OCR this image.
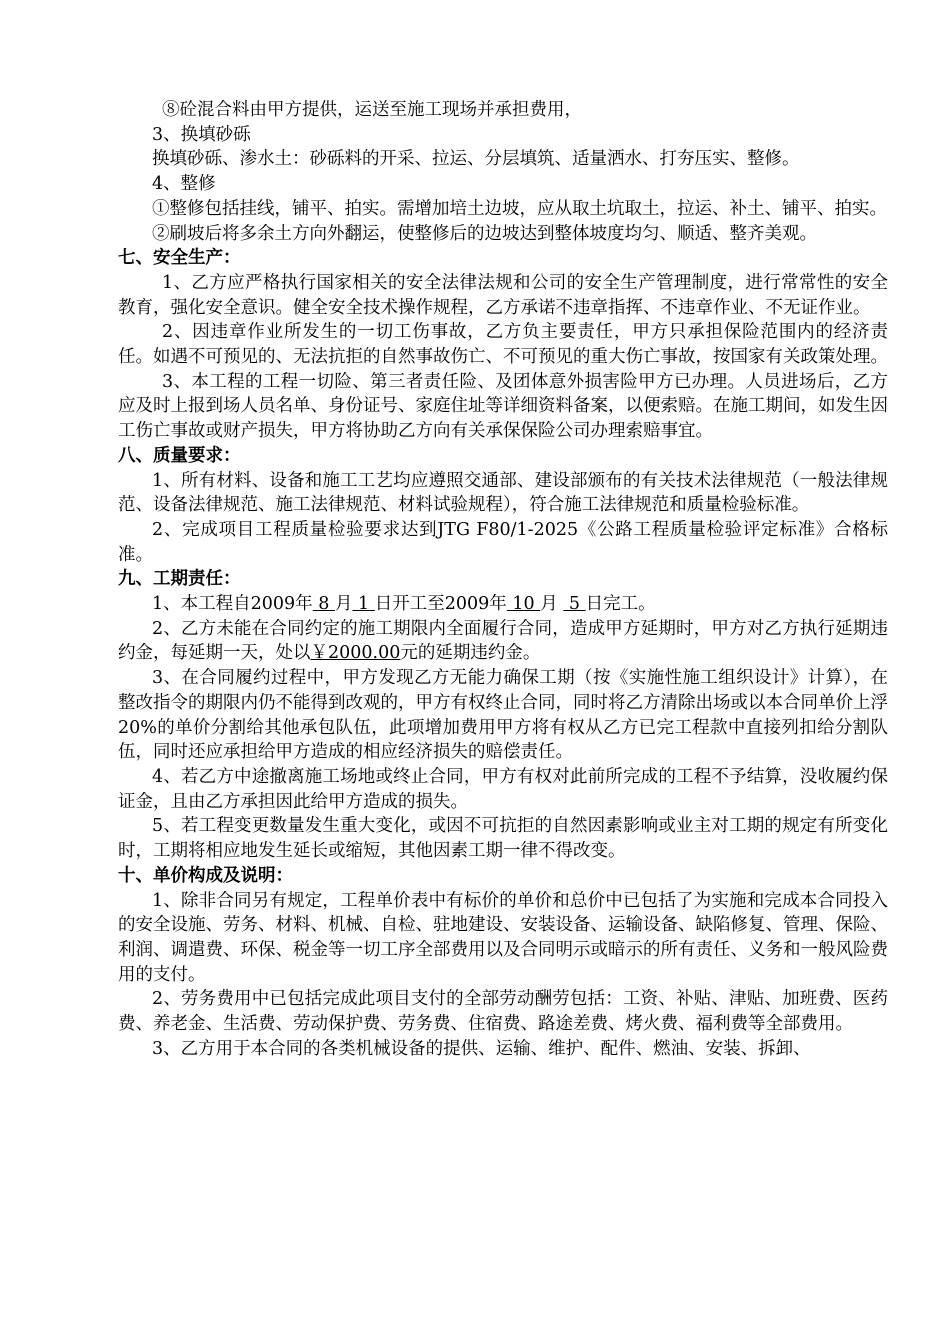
⑧砼混合料由甲方提供，运送至施工现场并承担费用，

3、换填砂砾

换填砂砾、渗水土：砂砾料的开采、拉运、分层填筑、适量洒水、打夯压实、整修。

4、整修

①整修包括挂线，铺平、拍实。需增加培土边坡，应从取土坑取土，拉运、补土、铺平、拍实。

②刷坡后将多余土方向外翻运，使整修后的边坡达到整体坡度均匀、顺适、整齐美观。

七、安全生产：

1、乙方应严格执行国家相关的安全法律法规和公司的安全生产管理制度，进行常常性的安全教育，强化安全意识。健全安全技术操作规程，乙方承诺不违章指挥、不违章作业、不无证作业。

2、因违章作业所发生的一切工伤事故，乙方负主要责任，甲方只承担保险范围内的经济责任。如遇不可预见的、无法抗拒的自然事故伤亡、不可预见的重大伤亡事故，按国家有关政策处理。

3、本工程的工程一切险、第三者责任险、及团体意外损害险甲方已办理。人员进场后，乙方应及时上报到场人员名单、身份证号、家庭住址等详细资料备案，以便索赔。在施工期间，如发生因工伤亡事故或财产损失，甲方将协助乙方向有关承保保险公司办理索赔事宜。

八、质量要求：

1、所有材料、设备和施工工艺均应遵照交通部、建设部颁布的有关技术法律规范（一般法律规范、设备法律规范、施工法律规范、材料试验规程），符合施工法律规范和质量检验标准。

2、完成项目工程质量检验要求达到JTG F80/1-2025《公路工程质量检验评定标准》合格标准。

九、工期责任：

1、本工程自2009年 8 月 1 日开工至2009年 10 月 5 日完工。

2、乙方未能在合同约定的施工期限内全面履行合同，造成甲方延期时，甲方对乙方执行延期违约金，每延期一天，处以￥2000.00元的延期违约金。

3、在合同履约过程中，甲方发现乙方无能力确保工期（按《实施性施工组织设计》计算），在整改指令的期限内仍不能得到改观的，甲方有权终止合同，同时将乙方清除出场或以本合同单价上浮20%的单价分割给其他承包队伍，此项增加费用甲方将有权从乙方已完工程款中直接列扣给分割队伍，同时还应承担给甲方造成的相应经济损失的赔偿责任。

4、若乙方中途撤离施工场地或终止合同，甲方有权对此前所完成的工程不予结算，没收履约保证金，且由乙方承担因此给甲方造成的损失。

5、若工程变更数量发生重大变化，或因不可抗拒的自然因素影响或业主对工期的规定有所变化时，工期将相应地发生延长或缩短，其他因素工期一律不得改变。

十、单价构成及说明：

1、除非合同另有规定，工程单价表中有标价的单价和总价中已包括了为实施和完成本合同投入的安全设施、劳务、材料、机械、自检、驻地建设、安装设备、运输设备、缺陷修复、管理、保险、利润、调遣费、环保、税金等一切工序全部费用以及合同明示或暗示的所有责任、义务和一般风险费用的支付。

2、劳务费用中已包括完成此项目支付的全部劳动酬劳包括：工资、补贴、津贴、加班费、医药费、养老金、生活费、劳动保护费、劳务费、住宿费、路途差费、烤火费、福利费等全部费用。

3、乙方用于本合同的各类机械设备的提供、运输、维护、配件、燃油、安装、拆卸、
